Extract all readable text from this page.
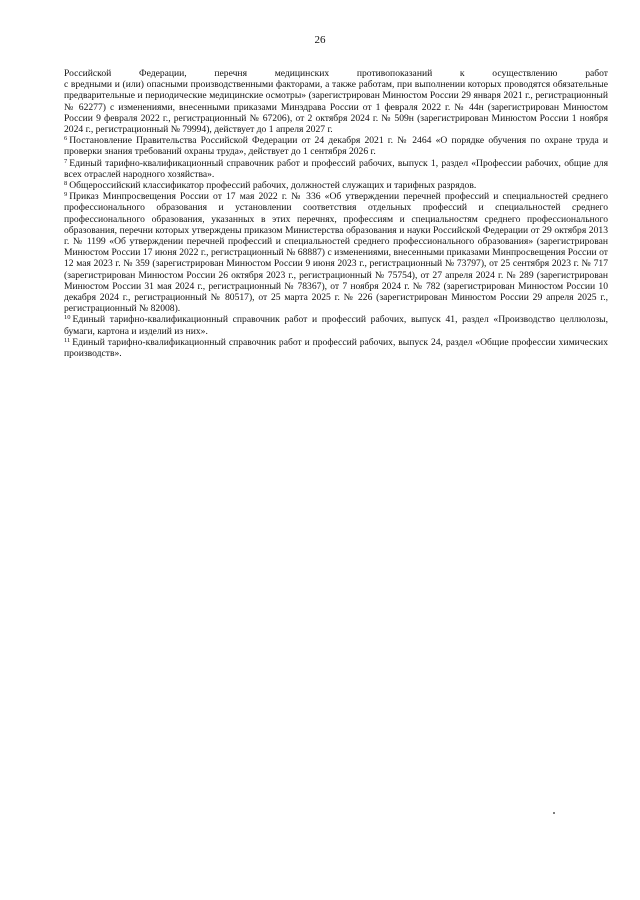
26

Российской Федерации, перечня медицинских противопоказаний к осуществлению работ
с вредными и (или) опасными производственными факторами, а также работам, при выполнении которых проводятся обязательные предварительные и периодические медицинские осмотры» (зарегистрирован Минюстом России 29 января 2021 г., регистрационный № 62277) с изменениями, внесенными приказами Минздрава России от 1 февраля 2022 г. № 44н (зарегистрирован Минюстом России 9 февраля 2022 г., регистрационный № 67206), от 2 октября 2024 г. № 509н (зарегистрирован Минюстом России 1 ноября 2024 г., регистрационный № 79994), действует до 1 апреля 2027 г.

$^6$ Постановление Правительства Российской Федерации от 24 декабря 2021 г. № 2464 «О порядке обучения по охране труда и проверки знания требований охраны труда», действует до 1 сентября 2026 г.

$^7$ Единый тарифно-квалификационный справочник работ и профессий рабочих, выпуск 1, раздел «Профессии рабочих, общие для всех отраслей народного хозяйства».

$^8$ Общероссийский классификатор профессий рабочих, должностей служащих и тарифных разрядов.

$^9$ Приказ Минпросвещения России от 17 мая 2022 г. № 336 «Об утверждении перечней профессий и специальностей среднего профессионального образования и установлении соответствия отдельных профессий и специальностей среднего профессионального образования, указанных в этих перечнях, профессиям и специальностям среднего профессионального образования, перечни которых утверждены приказом Министерства образования и науки Российской Федерации от 29 октября 2013 г. № 1199 «Об утверждении перечней профессий и специальностей среднего профессионального образования» (зарегистрирован Минюстом России 17 июня 2022 г., регистрационный № 68887) с изменениями, внесенными приказами Минпросвещения России от 12 мая 2023 г. № 359 (зарегистрирован Минюстом России 9 июня 2023 г., регистрационный № 73797), от 25 сентября 2023 г. № 717 (зарегистрирован Минюстом России 26 октября 2023 г., регистрационный № 75754), от 27 апреля 2024 г. № 289 (зарегистрирован Минюстом России 31 мая 2024 г., регистрационный № 78367), от 7 ноября 2024 г. № 782 (зарегистрирован Минюстом России 10 декабря 2024 г., регистрационный № 80517), от 25 марта 2025 г. № 226 (зарегистрирован Минюстом России 29 апреля 2025 г., регистрационный № 82008).

$^{10}$ Единый тарифно-квалификационный справочник работ и профессий рабочих, выпуск 41, раздел «Производство целлюлозы, бумаги, картона и изделий из них».

$^{11}$ Единый тарифно-квалификационный справочник работ и профессий рабочих, выпуск 24, раздел «Общие профессии химических производств».
